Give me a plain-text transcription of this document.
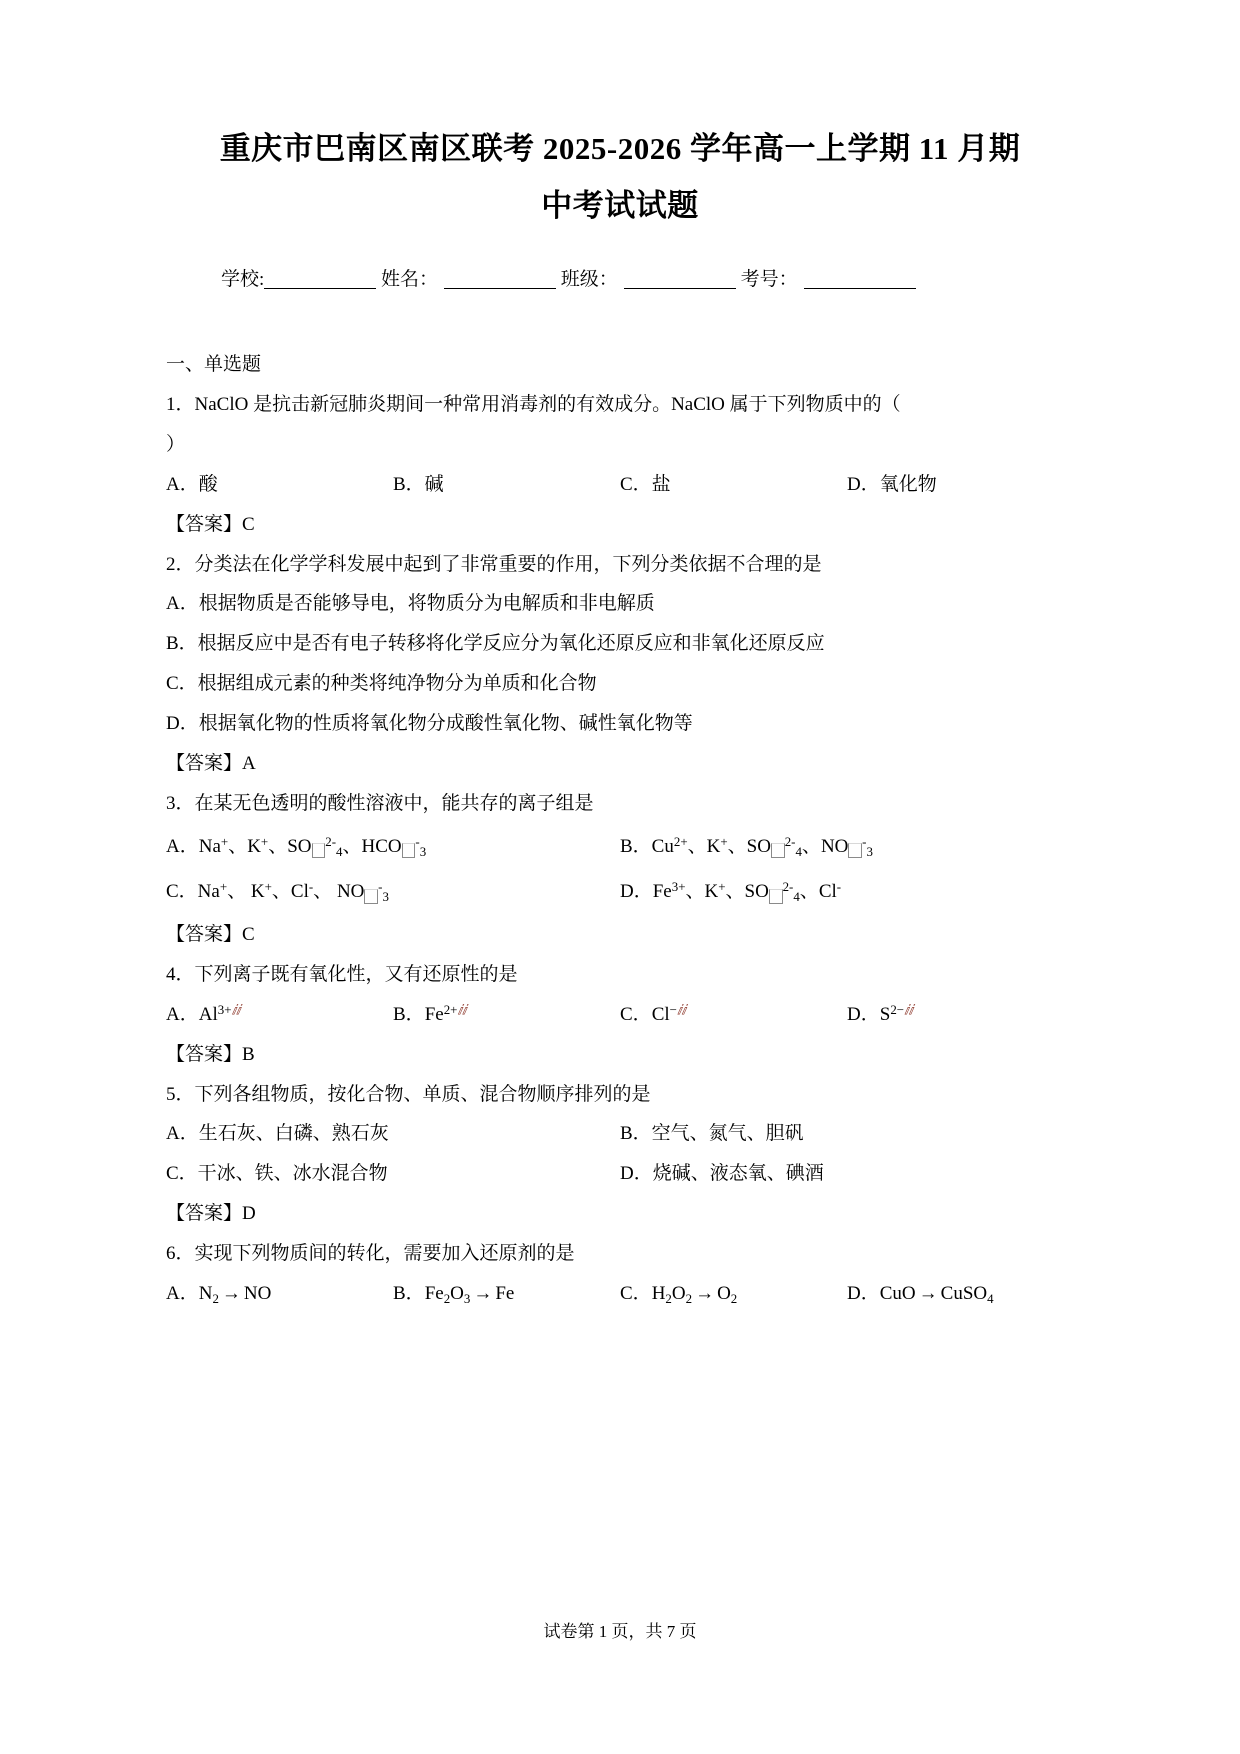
重庆市巴南区南区联考 2025-2026 学年高一上学期 11 月期
中考试试题
学校:	姓名：	班级：	考号：
一、单选题
1．NaClO 是抗击新冠肺炎期间一种常用消毒剂的有效成分。NaClO 属于下列物质中的（
）
A．酸	B．碱	C．盐	D．氧化物
【答案】C
2．分类法在化学学科发展中起到了非常重要的作用，下列分类依据不合理的是
A．根据物质是否能够导电，将物质分为电解质和非电解质
B．根据反应中是否有电子转移将化学反应分为氧化还原反应和非氧化还原反应
C．根据组成元素的种类将纯净物分为单质和化合物
D．根据氧化物的性质将氧化物分成酸性氧化物、碱性氧化物等
【答案】A
3．在某无色透明的酸性溶液中，能共存的离子组是
A．Na+、K+、SO $^{2-}_4$、HCO -$_3$	B．$Cu^{2+}$、K+、SO $^{2-}_4$、NO -$_3$
C．Na+、 K+、Cl-、 NO -$_3$	D．$Fe^{3+}$、K+、SO $^{2-}_4$、Cl-
【答案】C
4．下列离子既有氧化性，又有还原性的是
A．$Al^{3+ⅈⅈ}$	B．$Fe^{2+ⅈⅈ}$	C．$Cl^{-ⅈⅈ}$	D．$S^{2-ⅈⅈ}$
【答案】B
5．下列各组物质，按化合物、单质、混合物顺序排列的是
A．生石灰、白磷、熟石灰	B．空气、氮气、胆矾
C．干冰、铁、冰水混合物	D．烧碱、液态氧、碘酒
【答案】D
6．实现下列物质间的转化，需要加入还原剂的是
A．$N_2$ → NO	B．$Fe_2O_3 \to Fe$	C．$H_2O_2 \to O_2$	D．CuO → CuSO$_4$
试卷第 1 页，共 7 页
